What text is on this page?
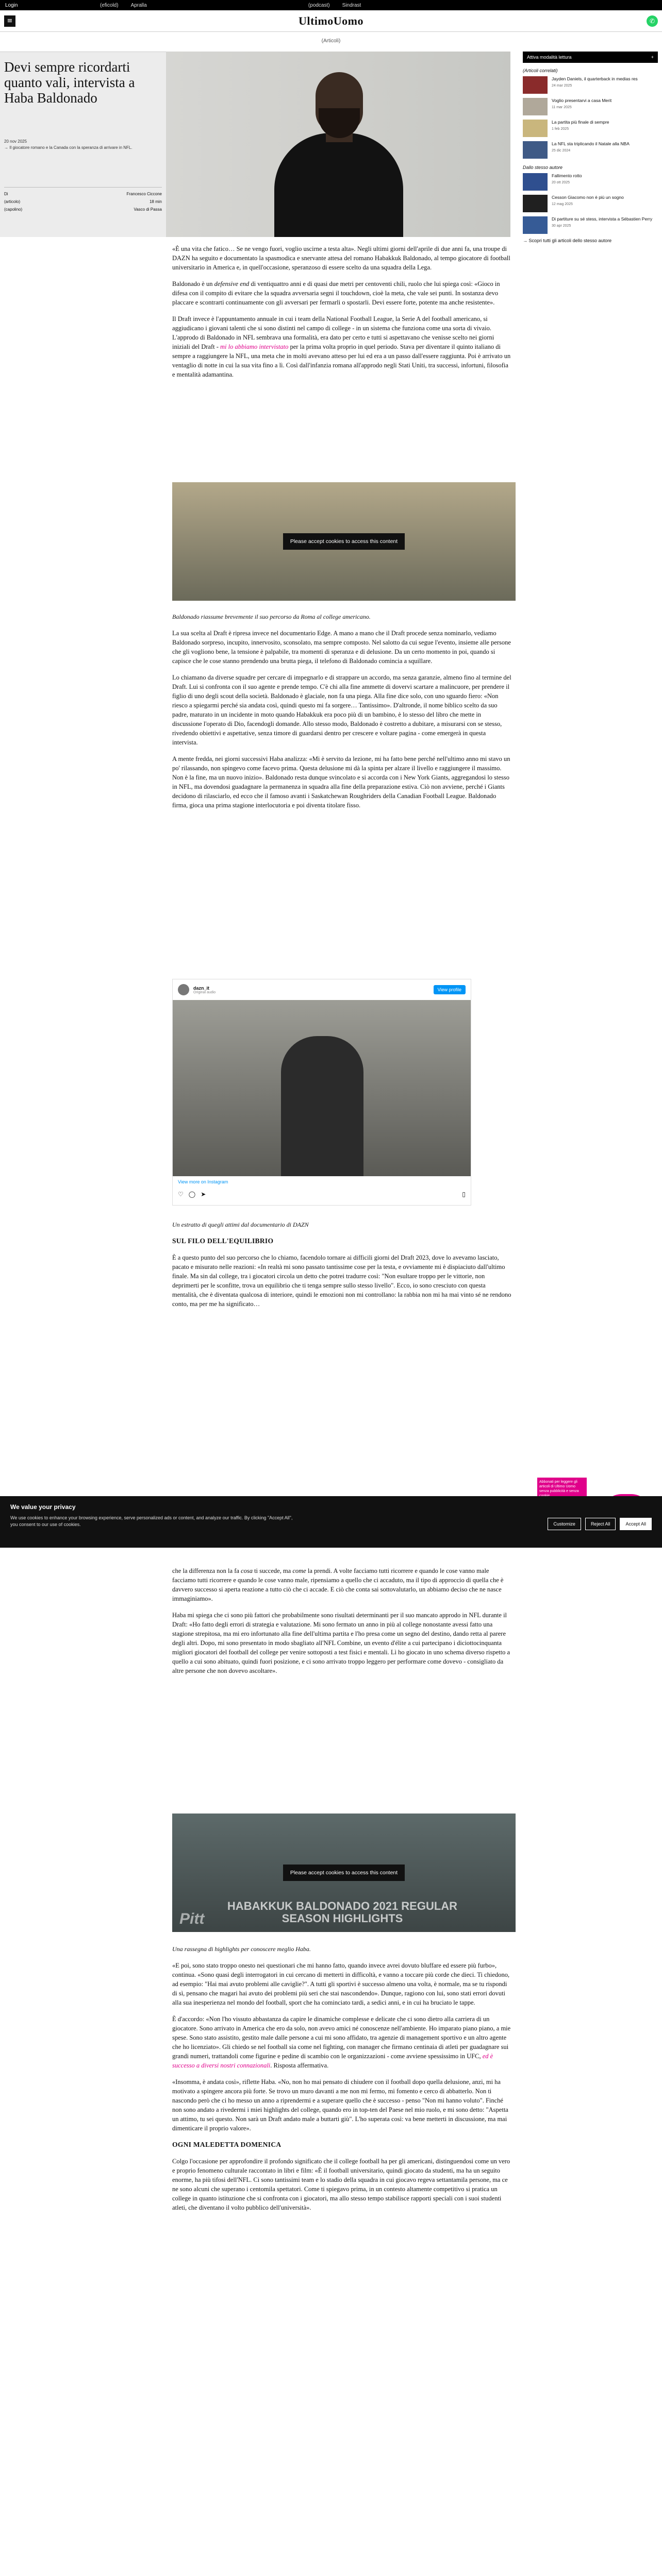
Login	(eficold) Apralla	(podcast) Sindrast
≡	UltimoUomo	✆
(Articoli)
Devi sempre ricordarti quanto vali, intervista a Haba Baldonado
20 nov 2025
→ Il giocatore romano e la Canada con la speranza di arrivare in NFL.
Di	Francesco Ciccone
(articolo)	18 min
(capolino)	Vasco di Passa
Attiva modalità lettura	+
(Articoli correlati)
Jayden Daniels, il quarterback in medias res
24 mar 2025
Voglio presentarvi a casa Merit
11 mar 2025
La partita più finale di sempre
1 feb 2025
La NFL sta triplicando il Natale alla NBA
25 dic 2024
Dallo stesso autore
Fallimento rotto
20 ott 2025
Cesson Giacomo non è più un sogno
12 mag 2025
Di partiture su sé stess, intervista a Sébastien Perry
30 apr 2025
→ Scopri tutti gli articoli dello stesso autore

«È una vita che fatico… Se ne vengo fuori, voglio uscirne a testa alta». Negli ultimi giorni dell'aprile di due anni fa, una troupe di DAZN ha seguito e documentato la spasmodica e snervante attesa del romano Habakkuk Baldonado, al tempo giocatore di football universitario in America e, in quell'occasione, speranzoso di essere scelto da una squadra della Lega.

Baldonado è un defensive end di ventiquattro anni e di quasi due metri per centoventi chili, ruolo che lui spiega così: «Gioco in difesa con il compito di evitare che la squadra avversaria segni il touchdown, cioè la meta, che vale sei punti. In sostanza devo placcare e scontrarti continuamente con gli avversari per fermarli o spostarli. Devi essere forte, potente ma anche resistente».

Il Draft invece è l'appuntamento annuale in cui i team della National Football League, la Serie A del football americano, si aggiudicano i giovani talenti che si sono distinti nel campo di college - in un sistema che funziona come una sorta di vivaio. L'approdo di Baldonado in NFL sembrava una formalità, era dato per certo e tutti si aspettavano che venisse scelto nei giorni iniziali del Draft - mi lo abbiamo intervistato per la prima volta proprio in quel periodo. Stava per diventare il quinto italiano di sempre a raggiungere la NFL, una meta che in molti avevano atteso per lui ed era a un passo dall'essere raggiunta. Poi è arrivato un ventaglio di notte in cui la sua vita fino a lì. Così dall'infanzia romana all'approdo negli Stati Uniti, tra successi, infortuni, filosofia e mentalità adamantina.

Please accept cookies to access this content

Baldonado riassume brevemente il suo percorso da Roma al college americano.

La sua scelta al Draft è ripresa invece nel documentario Edge. A mano a mano che il Draft procede senza nominarlo, vediamo Baldonado sorpreso, incupito, innervosito, sconsolato, ma sempre composto. Nel salotto da cui segue l'evento, insieme alle persone che gli vogliono bene, la tensione è palpabile, tra momenti di speranza e di delusione. Da un certo momento in poi, quando si capisce che le cose stanno prendendo una brutta piega, il telefono di Baldonado comincia a squillare.

Lo chiamano da diverse squadre per cercare di impegnarlo e di strappare un accordo, ma senza garanzie, almeno fino al termine del Draft. Lui si confronta con il suo agente e prende tempo. C'è chi alla fine ammette di dovervi scartare a malincuore, per prendere il figlio di uno degli scout della società. Baldonado è glaciale, non fa una piega. Alla fine dice solo, con uno sguardo fiero: «Non riesco a spiegarmi perché sia andata così, quindi questo mi fa sorgere… Tantissimo». D'altronde, il nome biblico scelto da suo padre, maturato in un incidente in moto quando Habakkuk era poco più di un bambino, è lo stesso del libro che mette in discussione l'operato di Dio, facendogli domande. Allo stesso modo, Baldonado è costretto a dubitare, a misurarsi con se stesso, rivedendo obiettivi e aspettative, senza timore di guardarsi dentro per crescere e voltare pagina - come emergerà in questa intervista.

A mente fredda, nei giorni successivi Haba analizza: «Mi è servito da lezione, mi ha fatto bene perché nell'ultimo anno mi stavo un po' rilassando, non spingevo come facevo prima. Questa delusione mi dà la spinta per alzare il livello e raggiungere il massimo. Non è la fine, ma un nuovo inizio». Baldonado resta dunque svincolato e si accorda con i New York Giants, aggregandosi lo stesso in NFL, ma dovendosi guadagnare la permanenza in squadra alla fine della preparazione estiva. Ciò non avviene, perché i Giants decidono di rilasciarlo, ed ecco che il famoso avanti i Saskatchewan Roughriders della Canadian Football League. Baldonado firma, gioca una prima stagione interlocutoria e poi diventa titolare fisso.

dazn_it
Original audio	View profile
View more on Instagram
♡ ◯ ➤	▯

Un estratto di quegli attimi dal documentario di DAZN

SUL FILO DELL'EQUILIBRIO

È a questo punto del suo percorso che lo chiamo, facendolo tornare ai difficili giorni del Draft 2023, dove lo avevamo lasciato, pacato e misurato nelle reazioni: «In realtà mi sono passato tantissime cose per la testa, e ovviamente mi è dispiaciuto dall'ultimo finale. Ma sin dal college, tra i giocatori circola un detto che potrei tradurre così: "Non esultare troppo per le vittorie, non deprimerti per le sconfitte, trova un equilibrio che ti tenga sempre sullo stesso livello". Ecco, io sono cresciuto con questa mentalità, che è diventata qualcosa di interiore, quindi le emozioni non mi controllano: la rabbia non mi ha mai vinto sé ne rendono conto, ma per me ha significato…

che la differenza non la fa cosa ti succede, ma come la prendi. A volte facciamo tutti ricorrere e quando le cose vanno male facciamo tutti ricorrere e quando le cose vanno male, ripensiamo a quello che ci accaduto, ma il tipo di approccio di quella che è davvero successo si aperta reazione a tutto ciò che ci accade. E ciò che conta sai sottovalutarlo, un abbiamo deciso che ne nasce immaginiamo».

Haba mi spiega che ci sono più fattori che probabilmente sono risultati determinanti per il suo mancato approdo in NFL durante il Draft: «Ho fatto degli errori di strategia e valutazione. Mi sono fermato un anno in più al college nonostante avessi fatto una stagione strepitosa, ma mi ero infortunato alla fine dell'ultima partita e l'ho presa come un segno del destino, dando retta al parere degli altri. Dopo, mi sono presentato in modo sbagliato all'NFL Combine, un evento d'élite a cui partecipano i diciottocinquanta migliori giocatori del football del college per venire sottoposti a test fisici e mentali. Lì ho giocato in uno schema diverso rispetto a quello a cui sono abituato, quindi fuori posizione, e ci sono arrivato troppo leggero per performare come dovevo - consigliato da altre persone che non dovevo ascoltare».

Pitt
HABAKKUK BALDONADO 2021 REGULAR SEASON HIGHLIGHTS
Please accept cookies to access this content

Una rassegna di highlights per conoscere meglio Haba.

«E poi, sono stato troppo onesto nei questionari che mi hanno fatto, quando invece avrei dovuto bluffare ed essere più furbo», continua. «Sono quasi degli interrogatori in cui cercano di metterti in difficoltà, e vanno a toccare più corde che dieci. Ti chiedono, ad esempio: "Hai mai avuto problemi alle caviglie?". A tutti gli sportivi è successo almeno una volta, è normale, ma se tu rispondi di sì, pensano che magari hai avuto dei problemi più seri che stai nascondendo». Dunque, ragiono con lui, sono stati errori dovuti alla sua inesperienza nel mondo del football, sport che ha cominciato tardi, a sedici anni, e in cui ha bruciato le tappe.

È d'accordo: «Non l'ho vissuto abbastanza da capire le dinamiche complesse e delicate che ci sono dietro alla carriera di un giocatore. Sono arrivato in America che ero da solo, non avevo amici né conoscenze nell'ambiente. Ho imparato piano piano, a mie spese. Sono stato assistito, gestito male dalle persone a cui mi sono affidato, tra agenzie di management sportivo e un altro agente che ho licenziato». Gli chiedo se nel football sia come nel fighting, con manager che firmano centinaia di atleti per guadagnare sui grandi numeri, trattandoli come figurine e pedine di scambio con le organizzazioni - come avviene spessissimo in UFC, ed è successo a diversi nostri connazionali. Risposta affermativa.

«Insomma, è andata così», riflette Haba. «No, non ho mai pensato di chiudere con il football dopo quella delusione, anzi, mi ha motivato a spingere ancora più forte. Se trovo un muro davanti a me non mi fermo, mi fomento e cerco di abbatterlo. Non ti nascondo però che ci ho messo un anno a riprendermi e a superare quello che è successo - penso "Non mi hanno voluto". Finché non sono andato a rivedermi i miei highlights del college, quando ero in top-ten del Paese nel mio ruolo, e mi sono detto: "Aspetta un attimo, tu sei questo. Non sarà un Draft andato male a buttarti giù". L'ho superata così: va bene metterti in discussione, ma mai dimenticare il proprio valore».

OGNI MALEDETTA DOMENICA

Colgo l'occasione per approfondire il profondo significato che il college football ha per gli americani, distinguendosi come un vero e proprio fenomeno culturale raccontato in libri e film: «È il football universitario, quindi giocato da studenti, ma ha un seguito enorme, ha più tifosi dell'NFL. Ci sono tantissimi team e lo stadio della squadra in cui giocavo regeva settantamila persone, ma ce ne sono alcuni che superano i centomila spettatori. Come ti spiegavo prima, in un contesto altamente competitivo si pratica un college in quanto istituzione che si confronta con i giocatori, ma allo stesso tempo stabilisce rapporti speciali con i suoi studenti atleti, che diventano il volto pubblico dell'università».

Abbonati per leggere gli articoli di Ultimo Uomo senza pubblicità e senza
We value your privacy
We use cookies to enhance your browsing experience, serve personalized ads or content, and analyze our traffic. By clicking "Accept All", you consent to our use of cookies.	Customize	Reject All	Accept All
